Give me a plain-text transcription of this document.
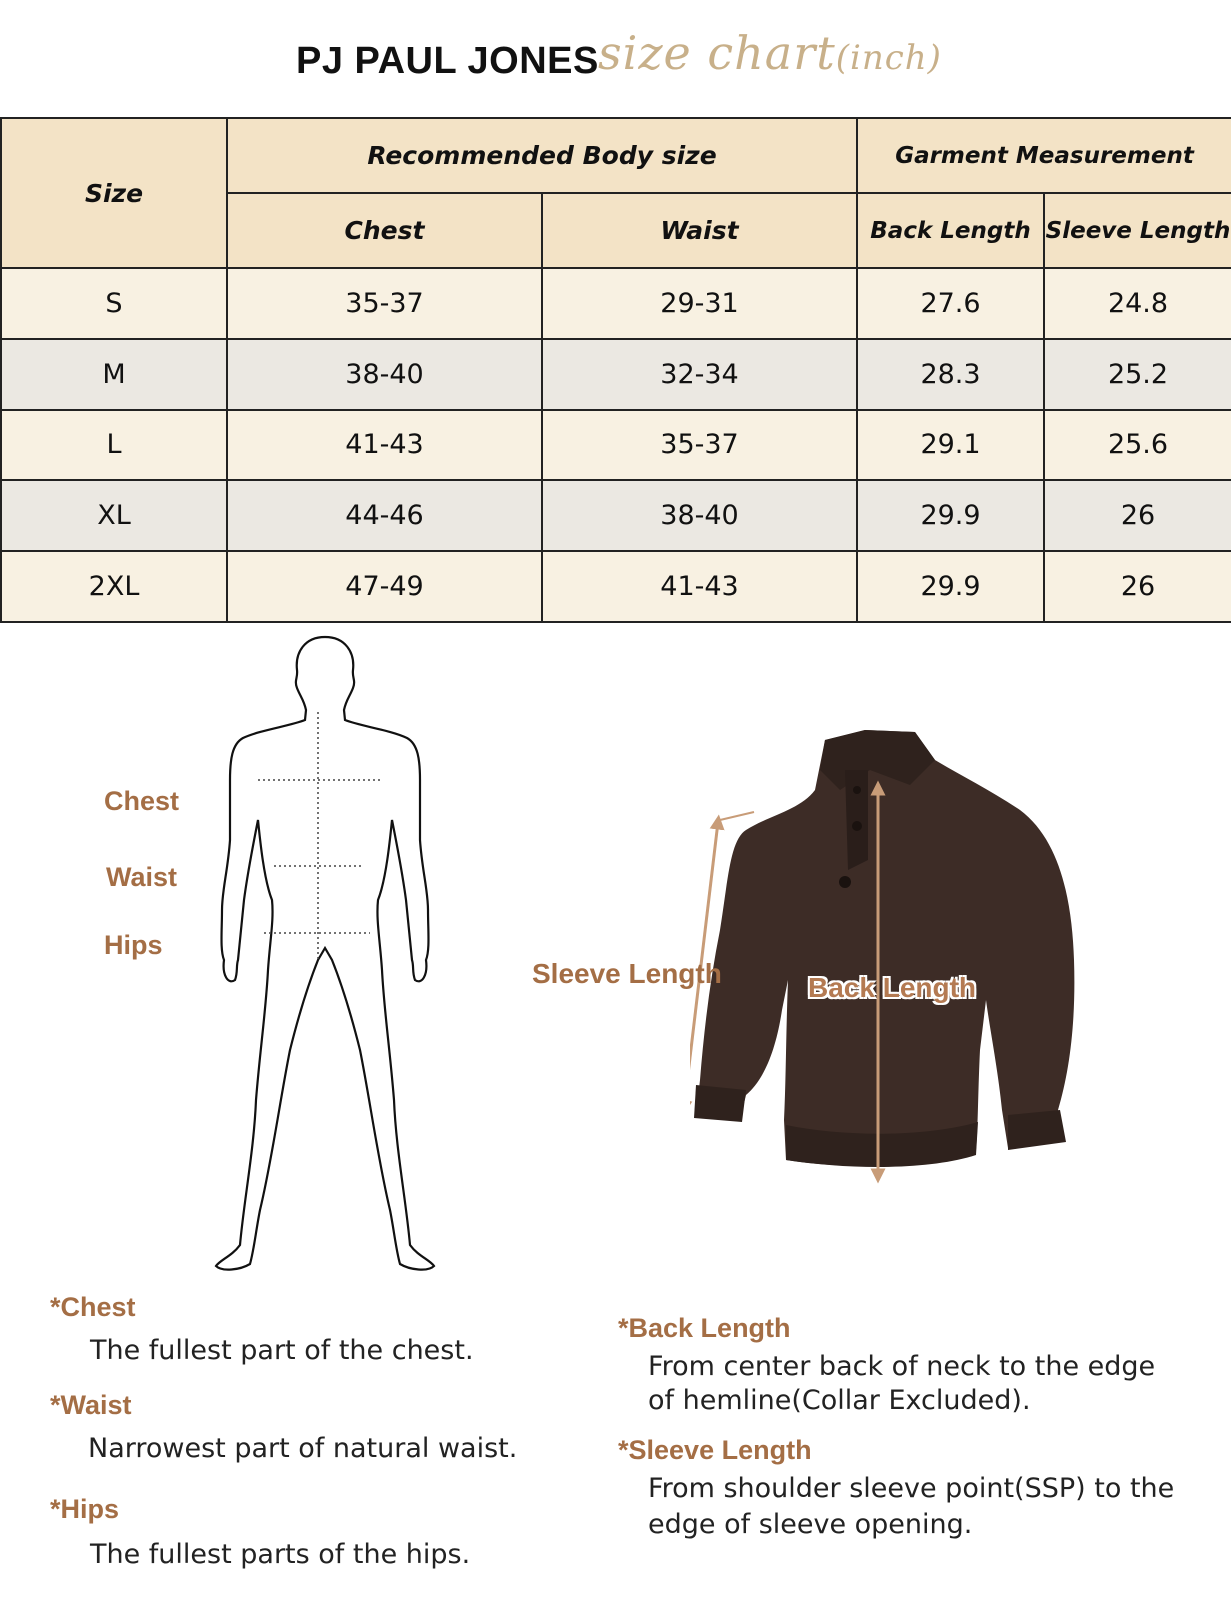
PJ PAUL JONES size chart(inch)
Size	Recommended Body size		Garment Measurement	
	Chest	Waist	Back Length	Sleeve Length
S	35-37	29-31	27.6	24.8
M	38-40	32-34	28.3	25.2
L	41-43	35-37	29.1	25.6
XL	44-46	38-40	29.9	26
2XL	47-49	41-43	29.9	26
Chest
Waist
Hips
Sleeve Length	Back Length
*Chest
The fullest part of the chest.
*Waist
Narrowest part of natural waist.
*Hips
The fullest parts of the hips.
*Back Length
From center back of neck to the edge
of hemline(Collar Excluded).
*Sleeve Length
From shoulder sleeve point(SSP) to the
edge of sleeve opening.
